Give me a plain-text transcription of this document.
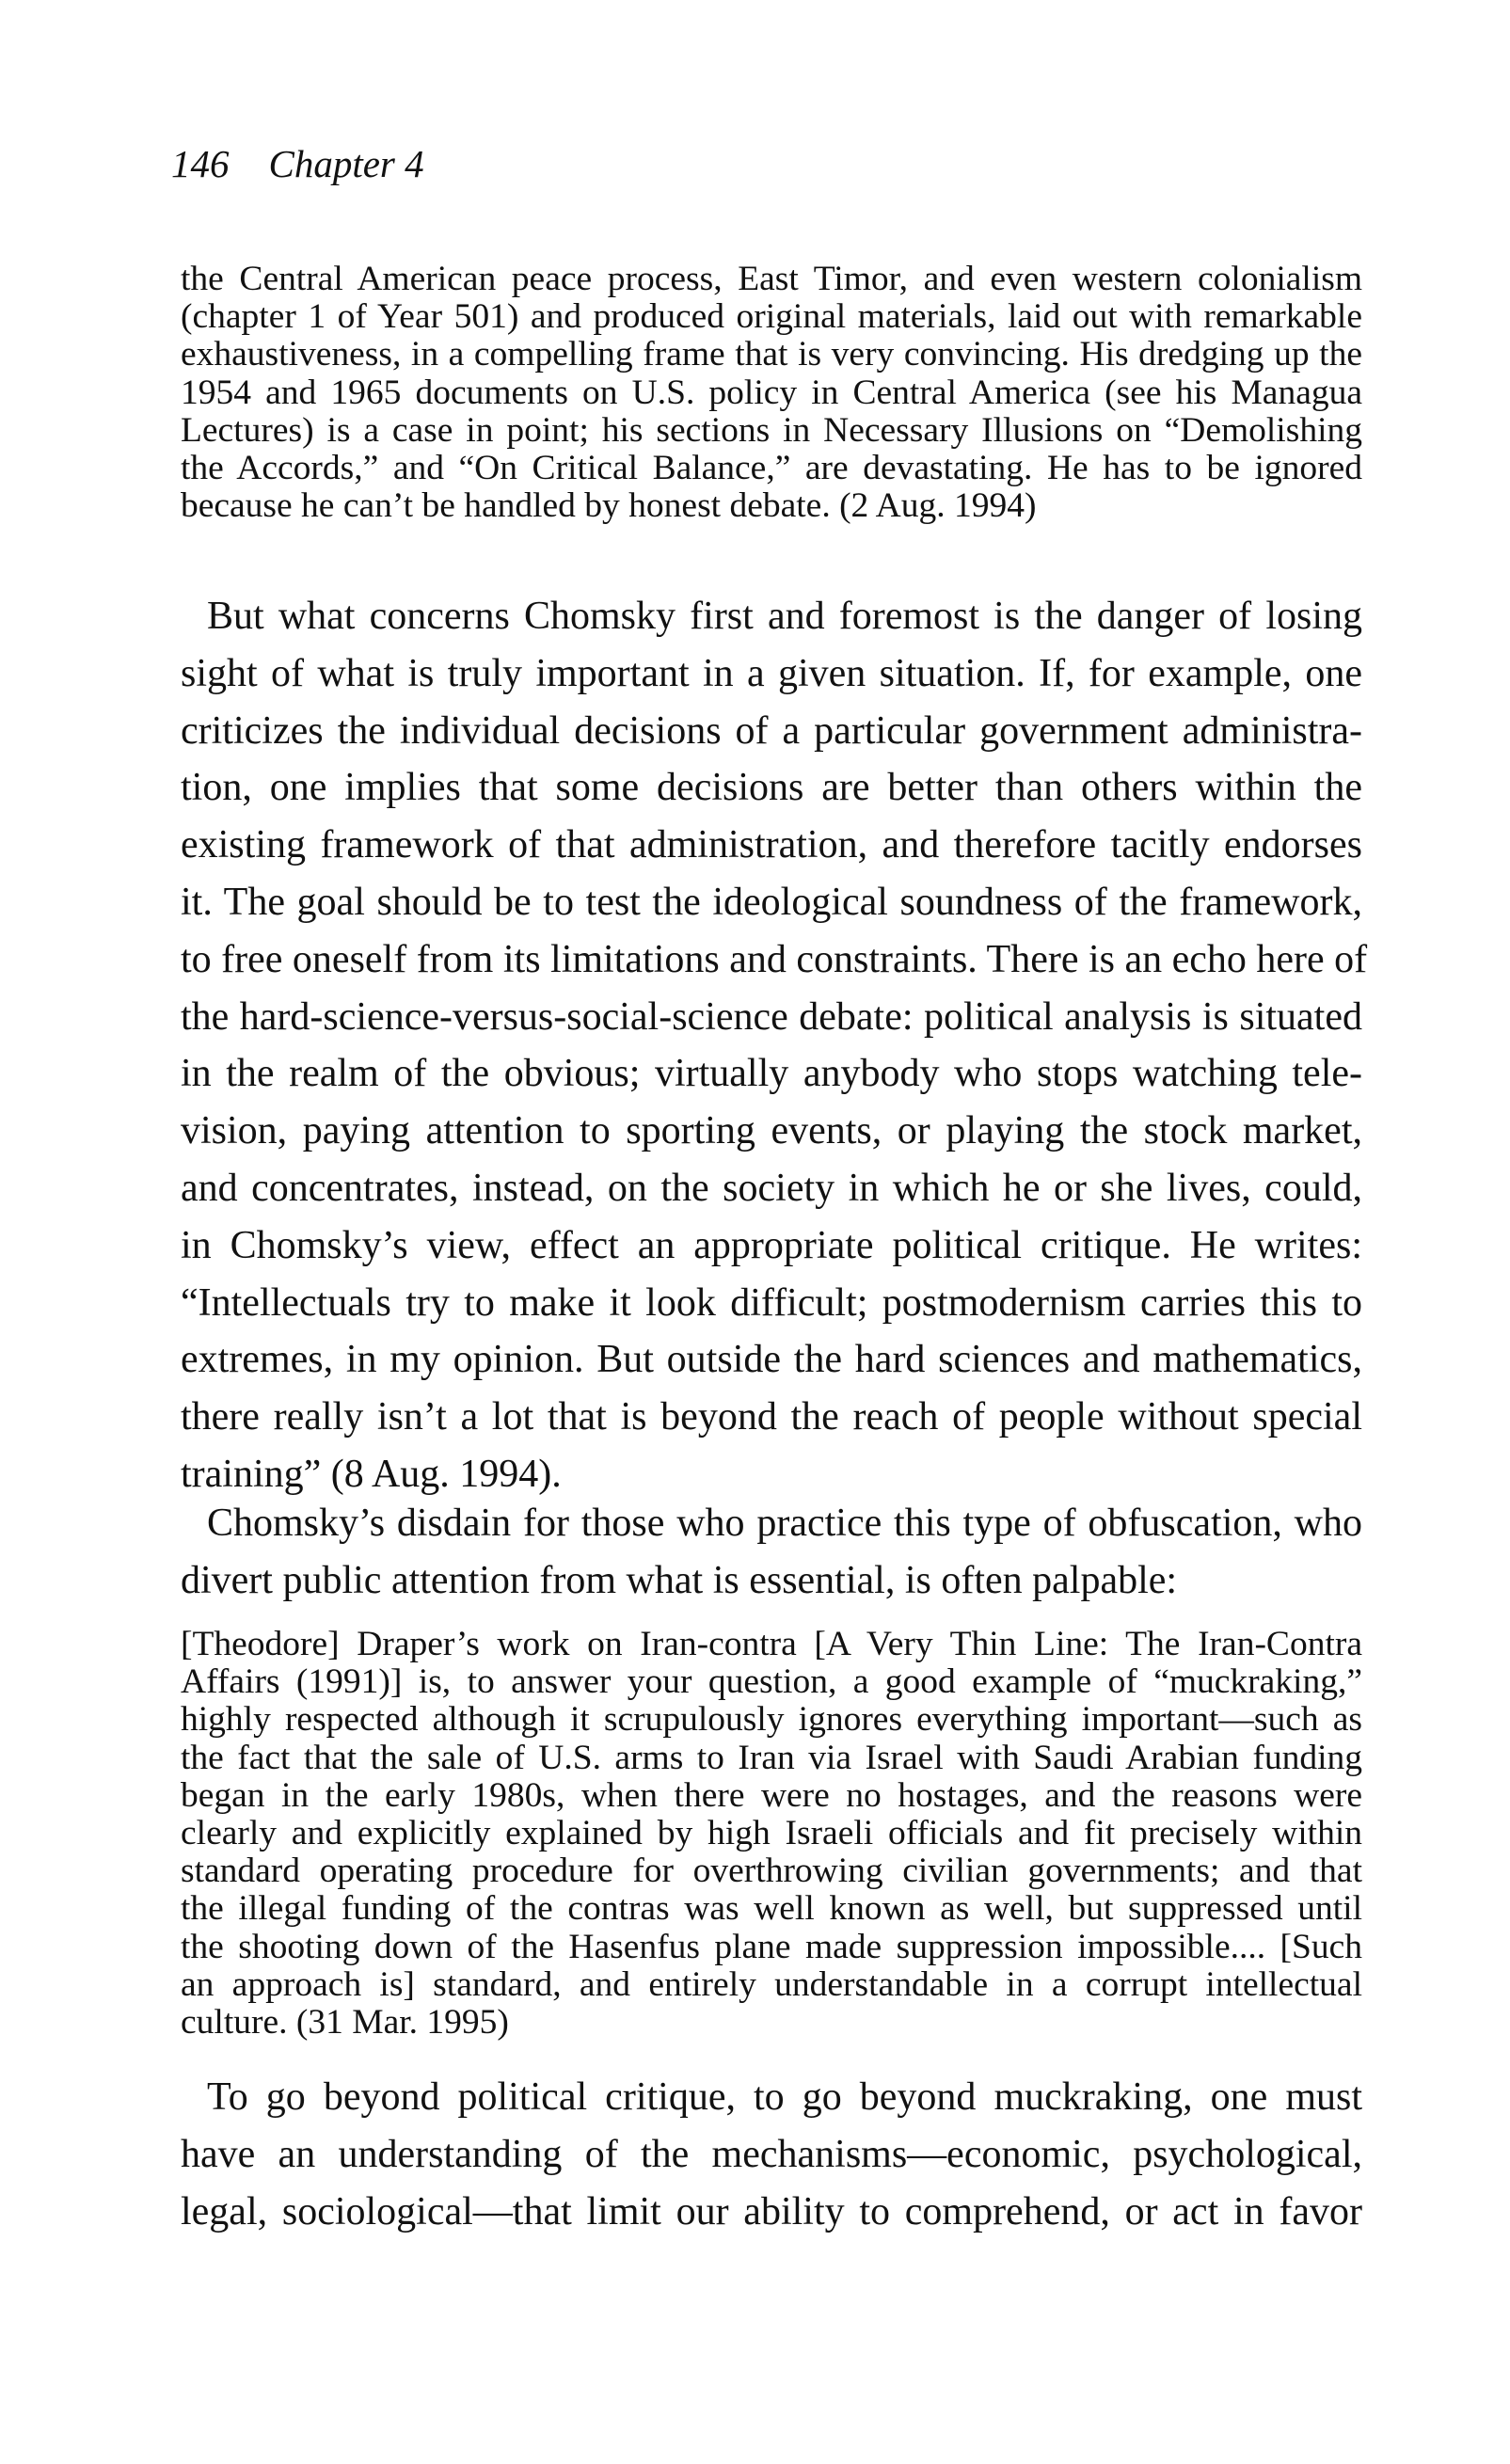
146 Chapter 4
the Central American peace process, East Timor, and even western colonialism
(chapter 1 of Year 501) and produced original materials, laid out with remarkable
exhaustiveness, in a compelling frame that is very convincing. His dredging up the
1954 and 1965 documents on U.S. policy in Central America (see his Managua
Lectures) is a case in point; his sections in Necessary Illusions on “Demolishing
the Accords,” and “On Critical Balance,” are devastating. He has to be ignored
because he can’t be handled by honest debate. (2 Aug. 1994)
But what concerns Chomsky first and foremost is the danger of losing
sight of what is truly important in a given situation. If, for example, one
criticizes the individual decisions of a particular government administra-
tion, one implies that some decisions are better than others within the
existing framework of that administration, and therefore tacitly endorses
it. The goal should be to test the ideological soundness of the framework,
to free oneself from its limitations and constraints. There is an echo here of
the hard-science-versus-social-science debate: political analysis is situated
in the realm of the obvious; virtually anybody who stops watching tele-
vision, paying attention to sporting events, or playing the stock market,
and concentrates, instead, on the society in which he or she lives, could,
in Chomsky’s view, effect an appropriate political critique. He writes:
“Intellectuals try to make it look difficult; postmodernism carries this to
extremes, in my opinion. But outside the hard sciences and mathematics,
there really isn’t a lot that is beyond the reach of people without special
training” (8 Aug. 1994).
Chomsky’s disdain for those who practice this type of obfuscation, who
divert public attention from what is essential, is often palpable:
[Theodore] Draper’s work on Iran-contra [A Very Thin Line: The Iran-Contra
Affairs (1991)] is, to answer your question, a good example of “muckraking,”
highly respected although it scrupulously ignores everything important—such as
the fact that the sale of U.S. arms to Iran via Israel with Saudi Arabian funding
began in the early 1980s, when there were no hostages, and the reasons were
clearly and explicitly explained by high Israeli officials and fit precisely within
standard operating procedure for overthrowing civilian governments; and that
the illegal funding of the contras was well known as well, but suppressed until
the shooting down of the Hasenfus plane made suppression impossible.... [Such
an approach is] standard, and entirely understandable in a corrupt intellectual
culture. (31 Mar. 1995)
To go beyond political critique, to go beyond muckraking, one must
have an understanding of the mechanisms—economic, psychological,
legal, sociological—that limit our ability to comprehend, or act in favor
